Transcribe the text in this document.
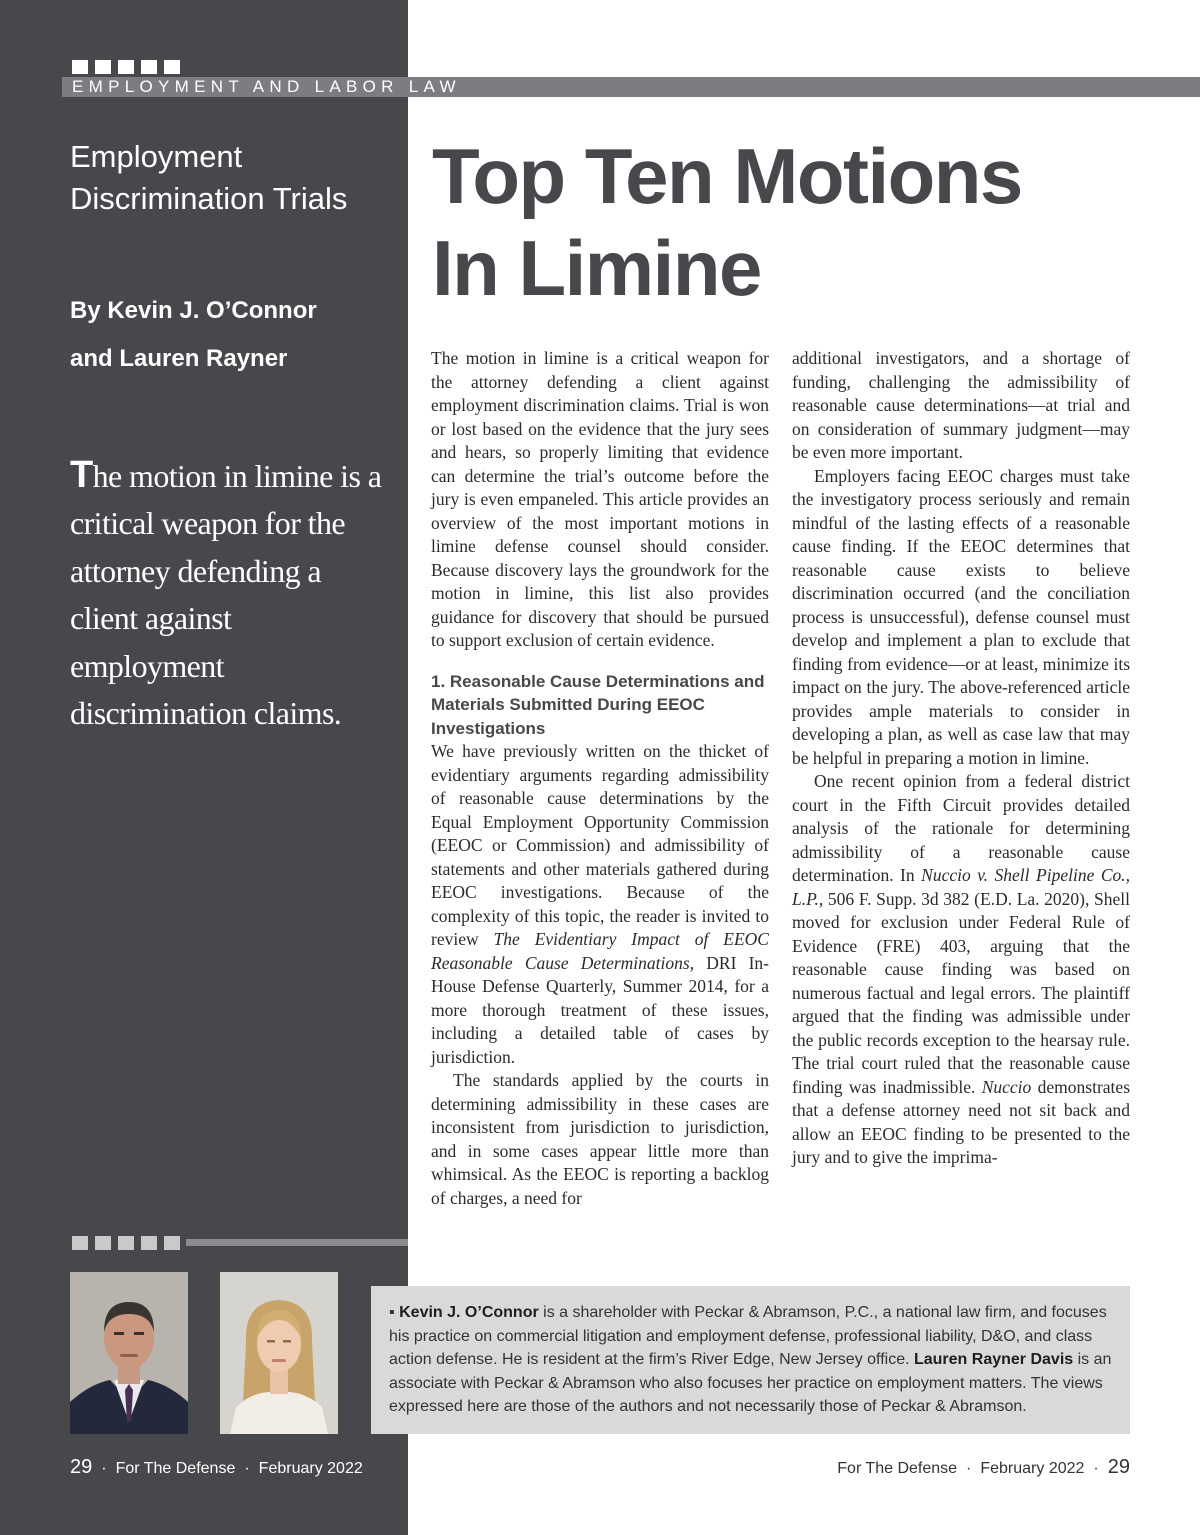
EMPLOYMENT AND LABOR LAW
Employment
Discrimination Trials
By Kevin J. O’Connor
and Lauren Rayner
The motion in limine is a critical weapon for the attorney defending a client against employment discrimination claims.
Top Ten Motions
In Limine

The motion in limine is a critical weapon for the attorney defending a client against employment discrimination claims. Trial is won or lost based on the evidence that the jury sees and hears, so properly limiting that evidence can determine the trial’s outcome before the jury is even empaneled. This article provides an overview of the most important motions in limine defense counsel should consider. Because discovery lays the groundwork for the motion in limine, this list also provides guidance for discovery that should be pursued to support exclusion of certain evidence.

1. Reasonable Cause Determinations and Materials Submitted During EEOC Investigations

We have previously written on the thicket of evidentiary arguments regarding admissibility of reasonable cause determinations by the Equal Employment Opportunity Commission (EEOC or Commission) and admissibility of statements and other materials gathered during EEOC investigations. Because of the complexity of this topic, the reader is invited to review The Evidentiary Impact of EEOC Reasonable Cause Determinations, DRI In-House Defense Quarterly, Summer 2014, for a more thorough treatment of these issues, including a detailed table of cases by jurisdiction.

The standards applied by the courts in determining admissibility in these cases are inconsistent from jurisdiction to jurisdiction, and in some cases appear little more than whimsical. As the EEOC is reporting a backlog of charges, a need for

additional investigators, and a shortage of funding, challenging the admissibility of reasonable cause determinations—at trial and on consideration of summary judgment—may be even more important.

Employers facing EEOC charges must take the investigatory process seriously and remain mindful of the lasting effects of a reasonable cause finding. If the EEOC determines that reasonable cause exists to believe discrimination occurred (and the conciliation process is unsuccessful), defense counsel must develop and implement a plan to exclude that finding from evidence—or at least, minimize its impact on the jury. The above-referenced article provides ample materials to consider in developing a plan, as well as case law that may be helpful in preparing a motion in limine.

One recent opinion from a federal district court in the Fifth Circuit provides detailed analysis of the rationale for determining admissibility of a reasonable cause determination. In Nuccio v. Shell Pipeline Co., L.P., 506 F. Supp. 3d 382 (E.D. La. 2020), Shell moved for exclusion under Federal Rule of Evidence (FRE) 403, arguing that the reasonable cause finding was based on numerous factual and legal errors. The plaintiff argued that the finding was admissible under the public records exception to the hearsay rule. The trial court ruled that the reasonable cause finding was inadmissible. Nuccio demonstrates that a defense attorney need not sit back and allow an EEOC finding to be presented to the jury and to give the imprima-

▪ Kevin J. O’Connor is a shareholder with Peckar & Abramson, P.C., a national law firm, and focuses his practice on commercial litigation and employment defense, professional liability, D&O, and class action defense. He is resident at the firm’s River Edge, New Jersey office. Lauren Rayner Davis is an associate with Peckar & Abramson who also focuses her practice on employment matters. The views expressed here are those of the authors and not necessarily those of Peckar & Abramson.
29 · For The Defense · February 2022	For The Defense · February 2022 · 29
